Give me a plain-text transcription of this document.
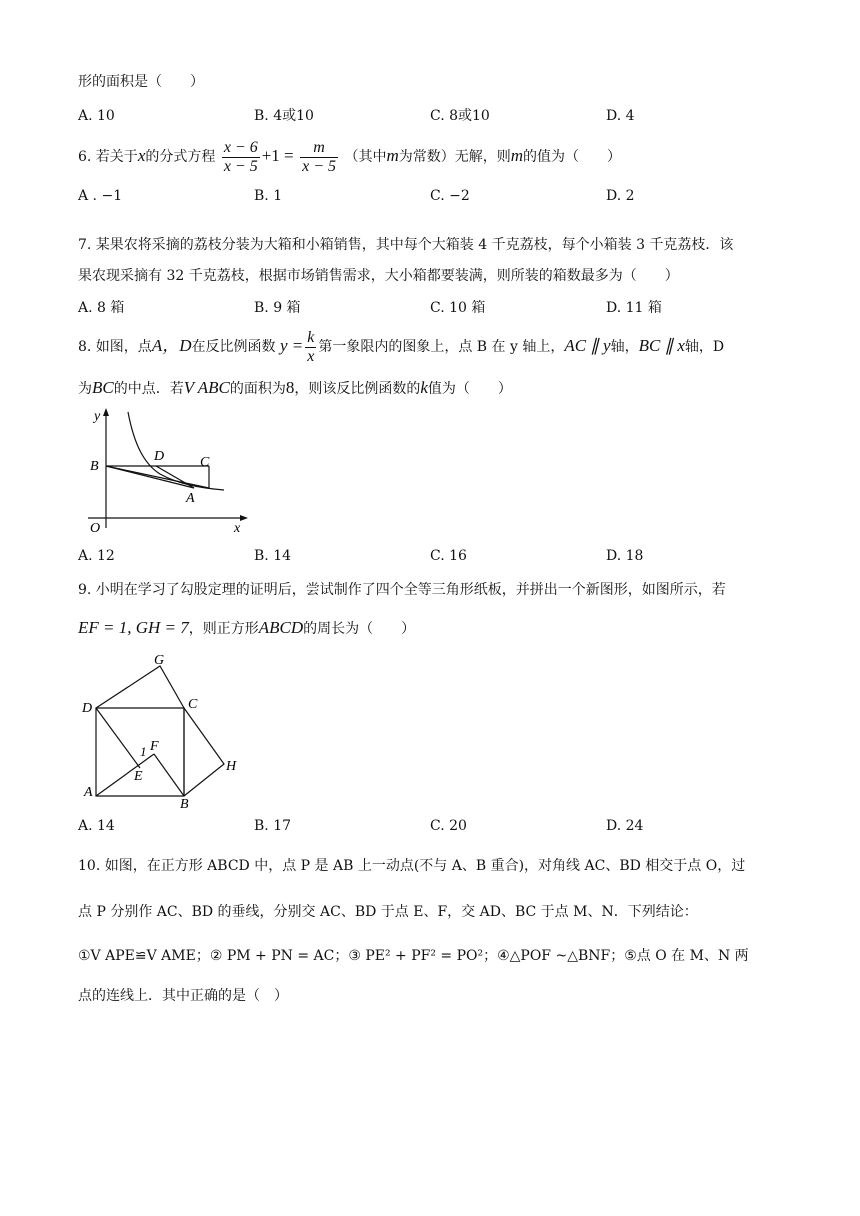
形的面积是（　　）
A. 10	B. 4或10	C. 8或10	D. 4
6. 若关于x的分式方程 $\frac{x - 6}{x - 5} +1 = \frac{m}{x - 5}$ （其中m为常数）无解，则m的值为（　　）
A . −1	B. 1	C. −2	D. 2
7. 某果农将采摘的荔枝分装为大箱和小箱销售，其中每个大箱装 4 千克荔枝，每个小箱装 3 千克荔枝．该
果农现采摘有 32 千克荔枝，根据市场销售需求，大小箱都要装满，则所装的箱数最多为（　　）
A. 8 箱	B. 9 箱	C. 10 箱	D. 11 箱
8. 如图，点A，D在反比例函数 $y = \frac{k}{x}$ 第一象限内的图象上，点 B 在 y 轴上，AC ∥ y轴，BC ∥ x轴，D
为BC的中点．若V ABC的面积为8，则该反比例函数的k值为（　　）
y
x
O
B	C
D
A
A. 12	B. 14	C. 16	D. 18
9. 小明在学习了勾股定理的证明后，尝试制作了四个全等三角形纸板，并拼出一个新图形，如图所示，若
EF = 1, GH = 7，则正方形ABCD的周长为（　　）
G
D	C
F
1
E
H
A
B
A. 14	B. 17	C. 20	D. 24
10. 如图，在正方形 ABCD 中，点 P 是 AB 上一动点(不与 A、B 重合)，对角线 AC、BD 相交于点 O，过
点 P 分别作 AC、BD 的垂线，分别交 AC、BD 于点 E、F，交 AD、BC 于点 M、N．下列结论：
①V APE≌V AME；② PM + PN = AC；③ PE² + PF² = PO²；④△POF ~△BNF；⑤点 O 在 M、N 两
点的连线上．其中正确的是（　）
